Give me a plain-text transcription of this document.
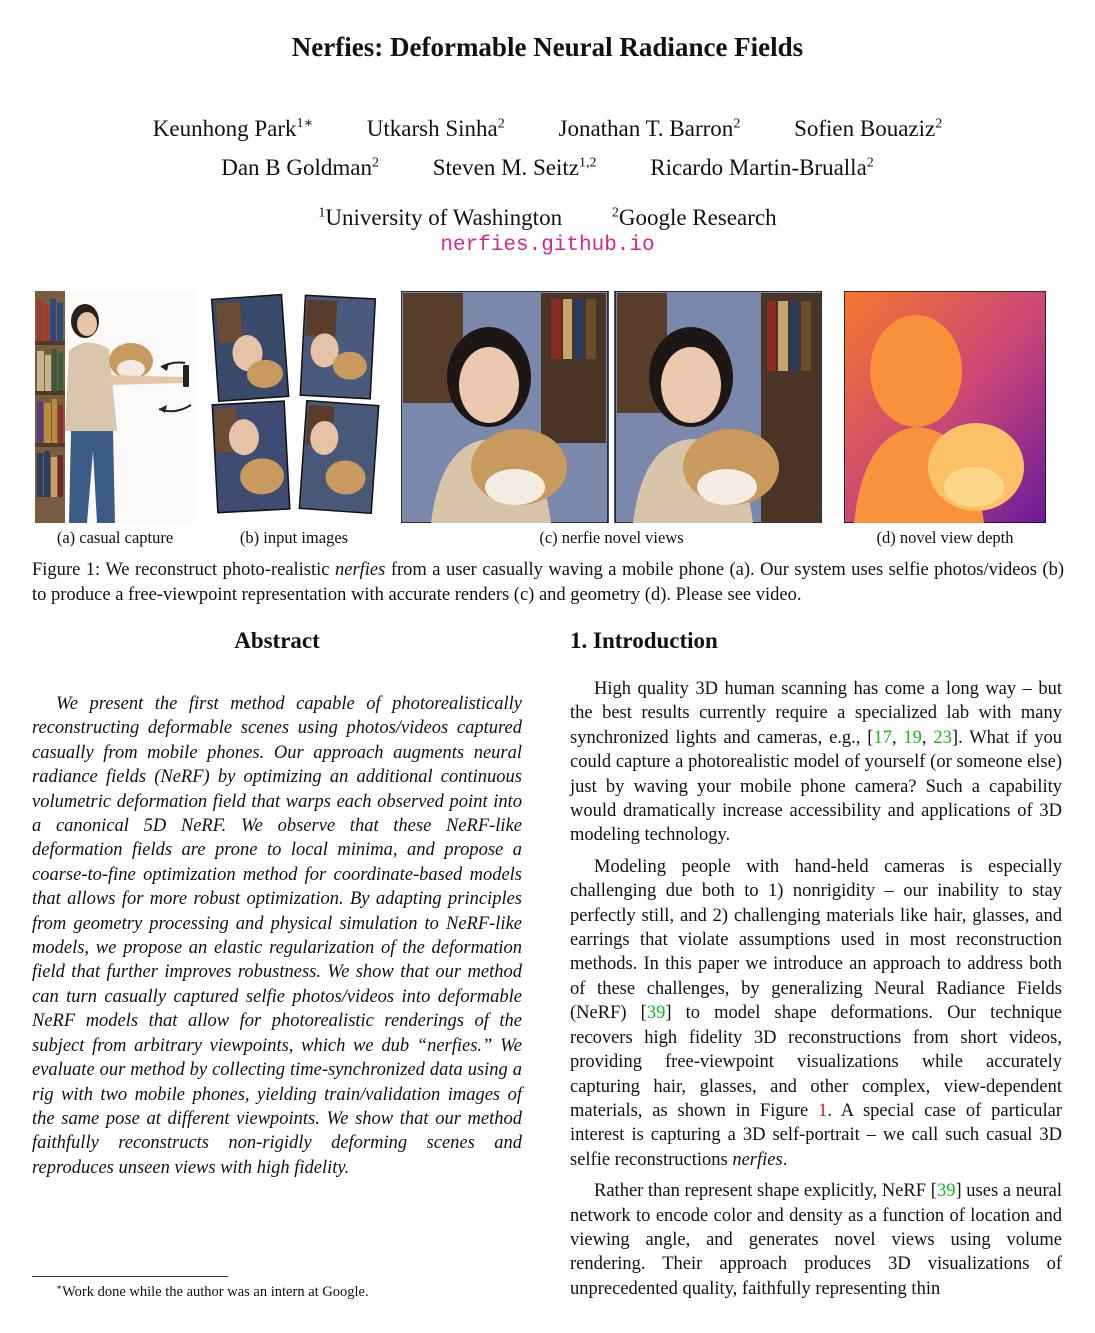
Nerfies: Deformable Neural Radiance Fields
Keunhong Park$^{1∗}$ Utkarsh Sinha$^2$ Jonathan T. Barron$^2$ Sofien Bouaziz$^2$
Dan B Goldman$^2$ Steven M. Seitz$^{1,2}$ Ricardo Martin-Brualla$^2$
$^1$University of Washington	$^2$Google Research
nerfies.github.io
(a) casual capture	(b) input images	(c) nerfie novel views	(d) novel view depth
Figure 1: We reconstruct photo-realistic nerfies from a user casually waving a mobile phone (a). Our system uses selfie photos/videos (b) to produce a free-viewpoint representation with accurate renders (c) and geometry (d). Please see video.
Abstract
We present the first method capable of photorealistically reconstructing deformable scenes using photos/videos captured casually from mobile phones. Our approach augments neural radiance fields (NeRF) by optimizing an additional continuous volumetric deformation field that warps each observed point into a canonical 5D NeRF. We observe that these NeRF-like deformation fields are prone to local minima, and propose a coarse-to-fine optimization method for coordinate-based models that allows for more robust optimization. By adapting principles from geometry processing and physical simulation to NeRF-like models, we propose an elastic regularization of the deformation field that further improves robustness. We show that our method can turn casually captured selfie photos/videos into deformable NeRF models that allow for photorealistic renderings of the subject from arbitrary viewpoints, which we dub “nerfies.” We evaluate our method by collecting time-synchronized data using a rig with two mobile phones, yielding train/validation images of the same pose at different viewpoints. We show that our method faithfully reconstructs non-rigidly deforming scenes and reproduces unseen views with high fidelity.
1. Introduction

High quality 3D human scanning has come a long way – but the best results currently require a specialized lab with many synchronized lights and cameras, e.g., [17, 19, 23]. What if you could capture a photorealistic model of yourself (or someone else) just by waving your mobile phone camera? Such a capability would dramatically increase accessibility and applications of 3D modeling technology.

Modeling people with hand-held cameras is especially challenging due both to 1) nonrigidity – our inability to stay perfectly still, and 2) challenging materials like hair, glasses, and earrings that violate assumptions used in most reconstruction methods. In this paper we introduce an approach to address both of these challenges, by generalizing Neural Radiance Fields (NeRF) [39] to model shape deformations. Our technique recovers high fidelity 3D reconstructions from short videos, providing free-viewpoint visualizations while accurately capturing hair, glasses, and other complex, view-dependent materials, as shown in Figure 1. A special case of particular interest is capturing a 3D self-portrait – we call such casual 3D selfie reconstructions nerfies.

Rather than represent shape explicitly, NeRF [39] uses a neural network to encode color and density as a function of location and viewing angle, and generates novel views using volume rendering. Their approach produces 3D visualizations of unprecedented quality, faithfully representing thin

∗Work done while the author was an intern at Google.
